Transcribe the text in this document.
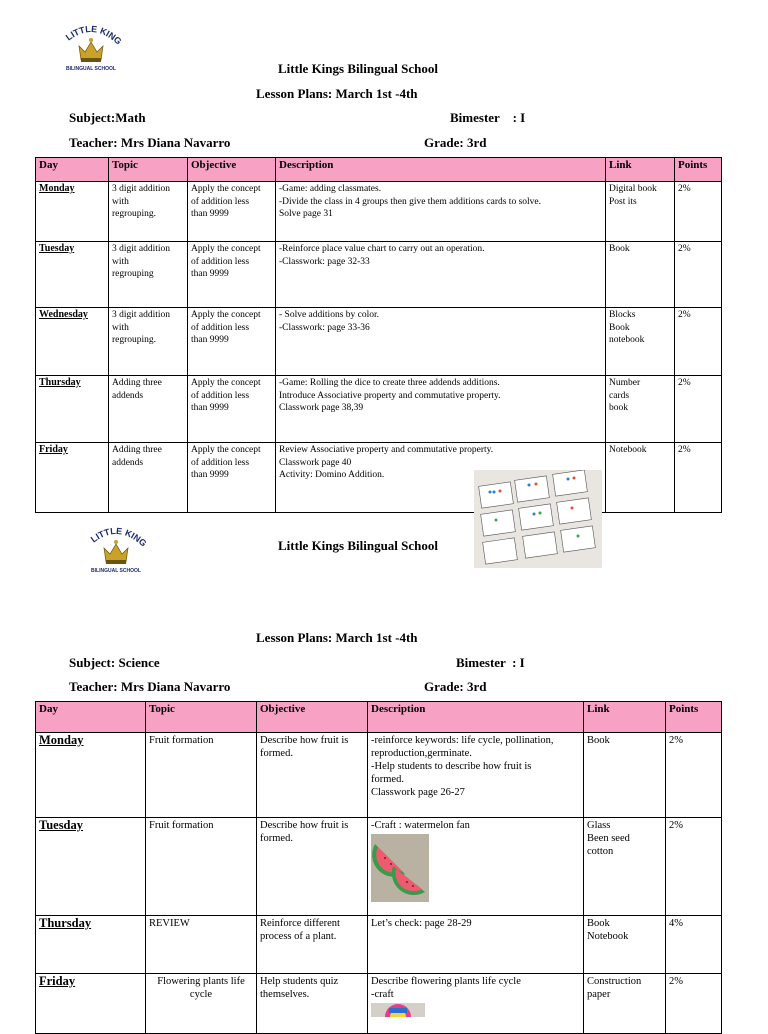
LITTLE KING
BILINGUAL SCHOOL	Little Kings Bilingual School
Lesson Plans: March 1st -4th
Subject:Math	Bimester    : I
Teacher: Mrs Diana Navarro	Grade: 3rd
Day	Topic	Objective	Description	Link	Points
Monday	3 digit addition
with
regrouping.	Apply the concept
of addition less
than 9999	-Game: adding classmates.
-Divide the class in 4 groups then give them additions cards to solve.
Solve page 31	Digital book
Post its	2%
Tuesday	3 digit addition
with
regrouping	Apply the concept
of addition less
than 9999	-Reinforce place value chart to carry out an operation.
-Classwork: page 32-33	Book	2%
Wednesday	3 digit addition
with
regrouping.	Apply the concept
of addition less
than 9999	- Solve additions by color.
-Classwork: page 33-36	Blocks
Book
notebook	2%
Thursday	Adding three
addends	Apply the concept
of addition less
than 9999	-Game: Rolling the dice to create three addends additions.
Introduce Associative property and commutative property.
Classwork page 38,39	Number
cards
book	2%
Friday	Adding three
addends	Apply the concept
of addition less
than 9999	Review Associative property and commutative property.
Classwork page 40
Activity: Domino Addition.	Notebook	2%
LITTLE KING
BILINGUAL SCHOOL
Little Kings Bilingual School
Lesson Plans: March 1st -4th
Subject: Science	Bimester  : I
Teacher: Mrs Diana Navarro	Grade: 3rd
Day	Topic	Objective	Description	Link	Points
Monday	Fruit formation	Describe how fruit is
formed.	-reinforce keywords: life cycle, pollination,
reproduction,germinate.
-Help students to describe how fruit is
formed.
Classwork page 26-27	Book	2%
Tuesday	Fruit formation	Describe how fruit is
formed.	-Craft : watermelon fan	Glass
Been seed
cotton	2%
Thursday	REVIEW	Reinforce different
process of a plant.	Let’s check: page 28-29	Book
Notebook	4%
Friday	Flowering plants life
cycle	Help students quiz
themselves.	Describe flowering plants life cycle
-craft	Construction
paper	2%
